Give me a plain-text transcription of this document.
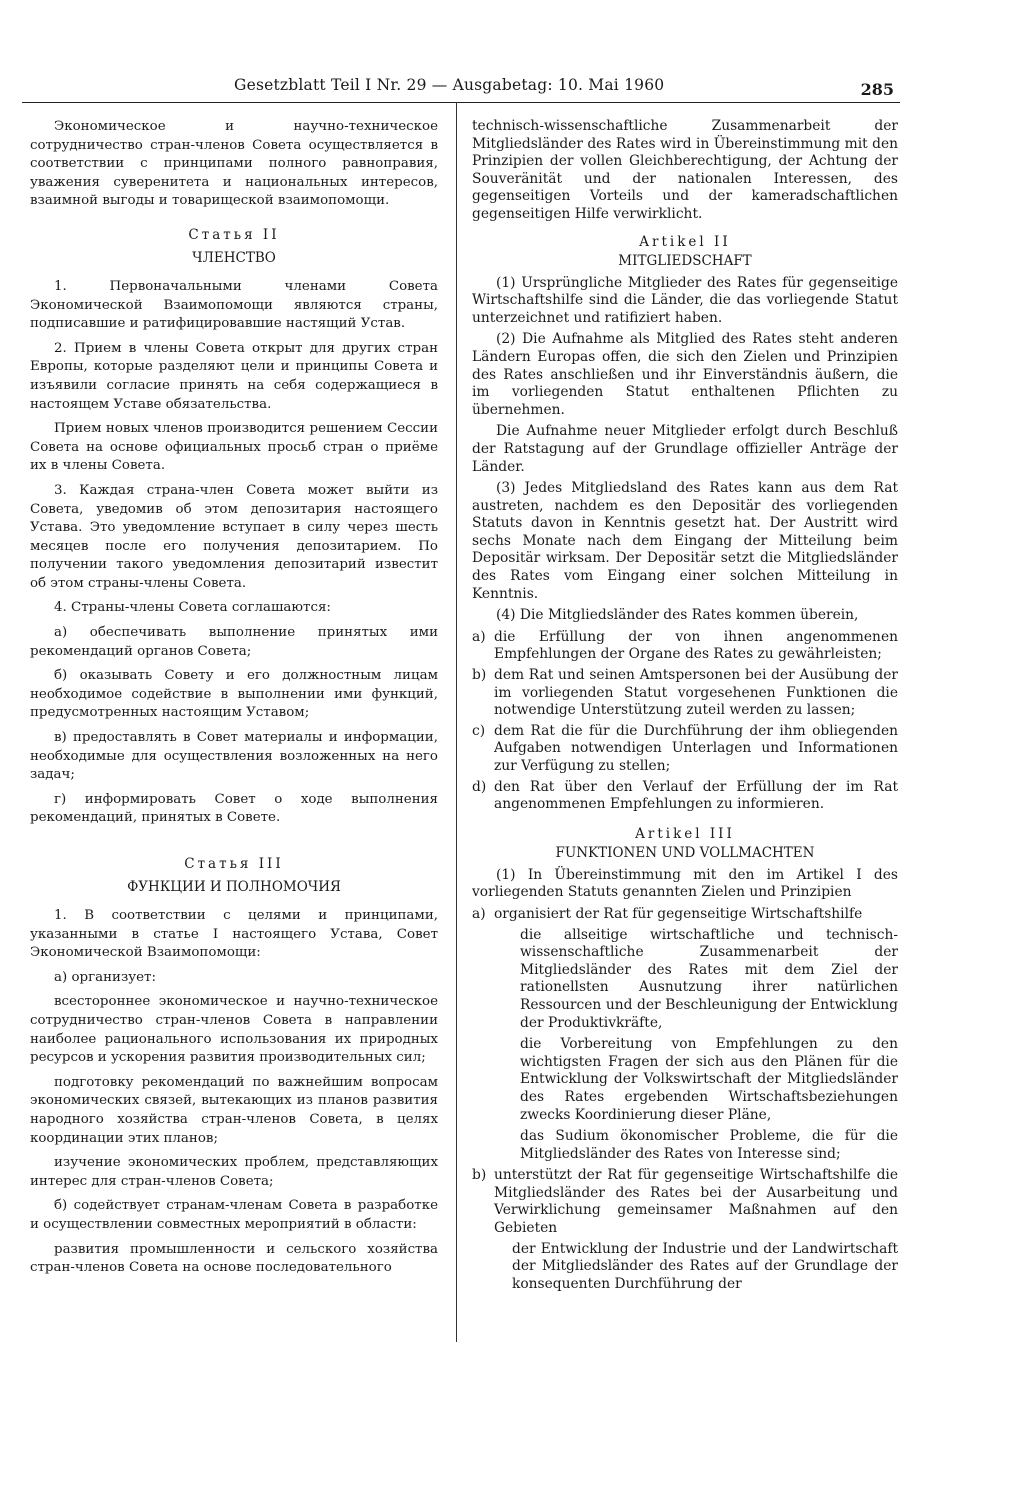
Gesetzblatt Teil I Nr. 29 — Ausgabetag: 10. Mai 1960	285

Экономическое и научно-техническое сотрудничество стран-членов Совета осуществляется в соответствии с принципами полного равноправия, уважения суверенитета и национальных интересов, взаимной выгоды и товарищеской взаимопомощи.

Статья II
ЧЛЕНСТВО

1. Первоначальными членами Совета Экономической Взаимопомощи являются страны, подписавшие и ратифицировавшие настящий Устав.

2. Прием в члены Совета открыт для других стран Европы, которые разделяют цели и принципы Совета и изъявили согласие принять на себя содержащиеся в настоящем Уставе обязательства.

Прием новых членов производится решением Сессии Совета на основе официальных просьб стран о приёме их в члены Совета.

3. Каждая страна-член Совета может выйти из Совета, уведомив об этом депозитария настоящего Устава. Это уведомление вступает в силу через шесть месяцев после его получения депозитарием. По получении такого уведомления депозитарий известит об этом страны-члены Совета.

4. Страны-члены Совета соглашаются:

а) обеспечивать выполнение принятых ими рекомендаций органов Совета;

б) оказывать Совету и его должностным лицам необходимое содействие в выполнении ими функций, предусмотренных настоящим Уставом;

в) предоставлять в Совет материалы и информации, необходимые для осуществления возложенных на него задач;

г) информировать Совет о ходе выполнения рекомендаций, принятых в Совете.

Статья III
ФУНКЦИИ И ПОЛНОМОЧИЯ

1. В соответствии с целями и принципами, указанными в статье I настоящего Устава, Совет Экономической Взаимопомощи:

а) организует:

всестороннее экономическое и научно-техническое сотрудничество стран-членов Совета в направлении наиболее рационального использования их природных ресурсов и ускорения развития производительных сил;

подготовку рекомендаций по важнейшим вопросам экономических связей, вытекающих из планов развития народного хозяйства стран-членов Совета, в целях координации этих планов;

изучение экономических проблем, представляющих интерес для стран-членов Совета;

б) содействует странам-членам Совета в разработке и осуществлении совместных мероприятий в области:

развития промышленности и сельского хозяйства стран-членов Совета на основе последовательного

technisch-wissenschaftliche Zusammenarbeit der Mitgliedsländer des Rates wird in Übereinstimmung mit den Prinzipien der vollen Gleichberechtigung, der Achtung der Souveränität und der nationalen Interessen, des gegenseitigen Vorteils und der kameradschaftlichen gegenseitigen Hilfe verwirklicht.

Artikel II
MITGLIEDSCHAFT

(1) Ursprüngliche Mitglieder des Rates für gegenseitige Wirtschaftshilfe sind die Länder, die das vorliegende Statut unterzeichnet und ratifiziert haben.

(2) Die Aufnahme als Mitglied des Rates steht anderen Ländern Europas offen, die sich den Zielen und Prinzipien des Rates anschließen und ihr Einverständnis äußern, die im vorliegenden Statut enthaltenen Pflichten zu übernehmen.

Die Aufnahme neuer Mitglieder erfolgt durch Beschluß der Ratstagung auf der Grundlage offizieller Anträge der Länder.

(3) Jedes Mitgliedsland des Rates kann aus dem Rat austreten, nachdem es den Depositär des vorliegenden Statuts davon in Kenntnis gesetzt hat. Der Austritt wird sechs Monate nach dem Eingang der Mitteilung beim Depositär wirksam. Der Depositär setzt die Mitgliedsländer des Rates vom Eingang einer solchen Mitteilung in Kenntnis.

(4) Die Mitgliedsländer des Rates kommen überein,

a) die Erfüllung der von ihnen angenommenen Empfehlungen der Organe des Rates zu gewährleisten;
b) dem Rat und seinen Amtspersonen bei der Ausübung der im vorliegenden Statut vorgesehenen Funktionen die notwendige Unterstützung zuteil werden zu lassen;
c) dem Rat die für die Durchführung der ihm obliegenden Aufgaben notwendigen Unterlagen und Informationen zur Verfügung zu stellen;
d) den Rat über den Verlauf der Erfüllung der im Rat angenommenen Empfehlungen zu informieren.
Artikel III
FUNKTIONEN UND VOLLMACHTEN

(1) In Übereinstimmung mit den im Artikel I des vorliegenden Statuts genannten Zielen und Prinzipien

a) organisiert der Rat für gegenseitige Wirtschaftshilfe

die allseitige wirtschaftliche und technisch-wissenschaftliche Zusammenarbeit der Mitgliedsländer des Rates mit dem Ziel der rationellsten Ausnutzung ihrer natürlichen Ressourcen und der Beschleunigung der Entwicklung der Produktivkräfte,

die Vorbereitung von Empfehlungen zu den wichtigsten Fragen der sich aus den Plänen für die Entwicklung der Volkswirtschaft der Mitgliedsländer des Rates ergebenden Wirtschaftsbeziehungen zwecks Koordinierung dieser Pläne,

das Sudium ökonomischer Probleme, die für die Mitgliedsländer des Rates von Interesse sind;

b) unterstützt der Rat für gegenseitige Wirtschaftshilfe die Mitgliedsländer des Rates bei der Ausarbeitung und Verwirklichung gemeinsamer Maßnahmen auf den Gebieten

der Entwicklung der Industrie und der Landwirtschaft der Mitgliedsländer des Rates auf der Grundlage der konsequenten Durchführung der
